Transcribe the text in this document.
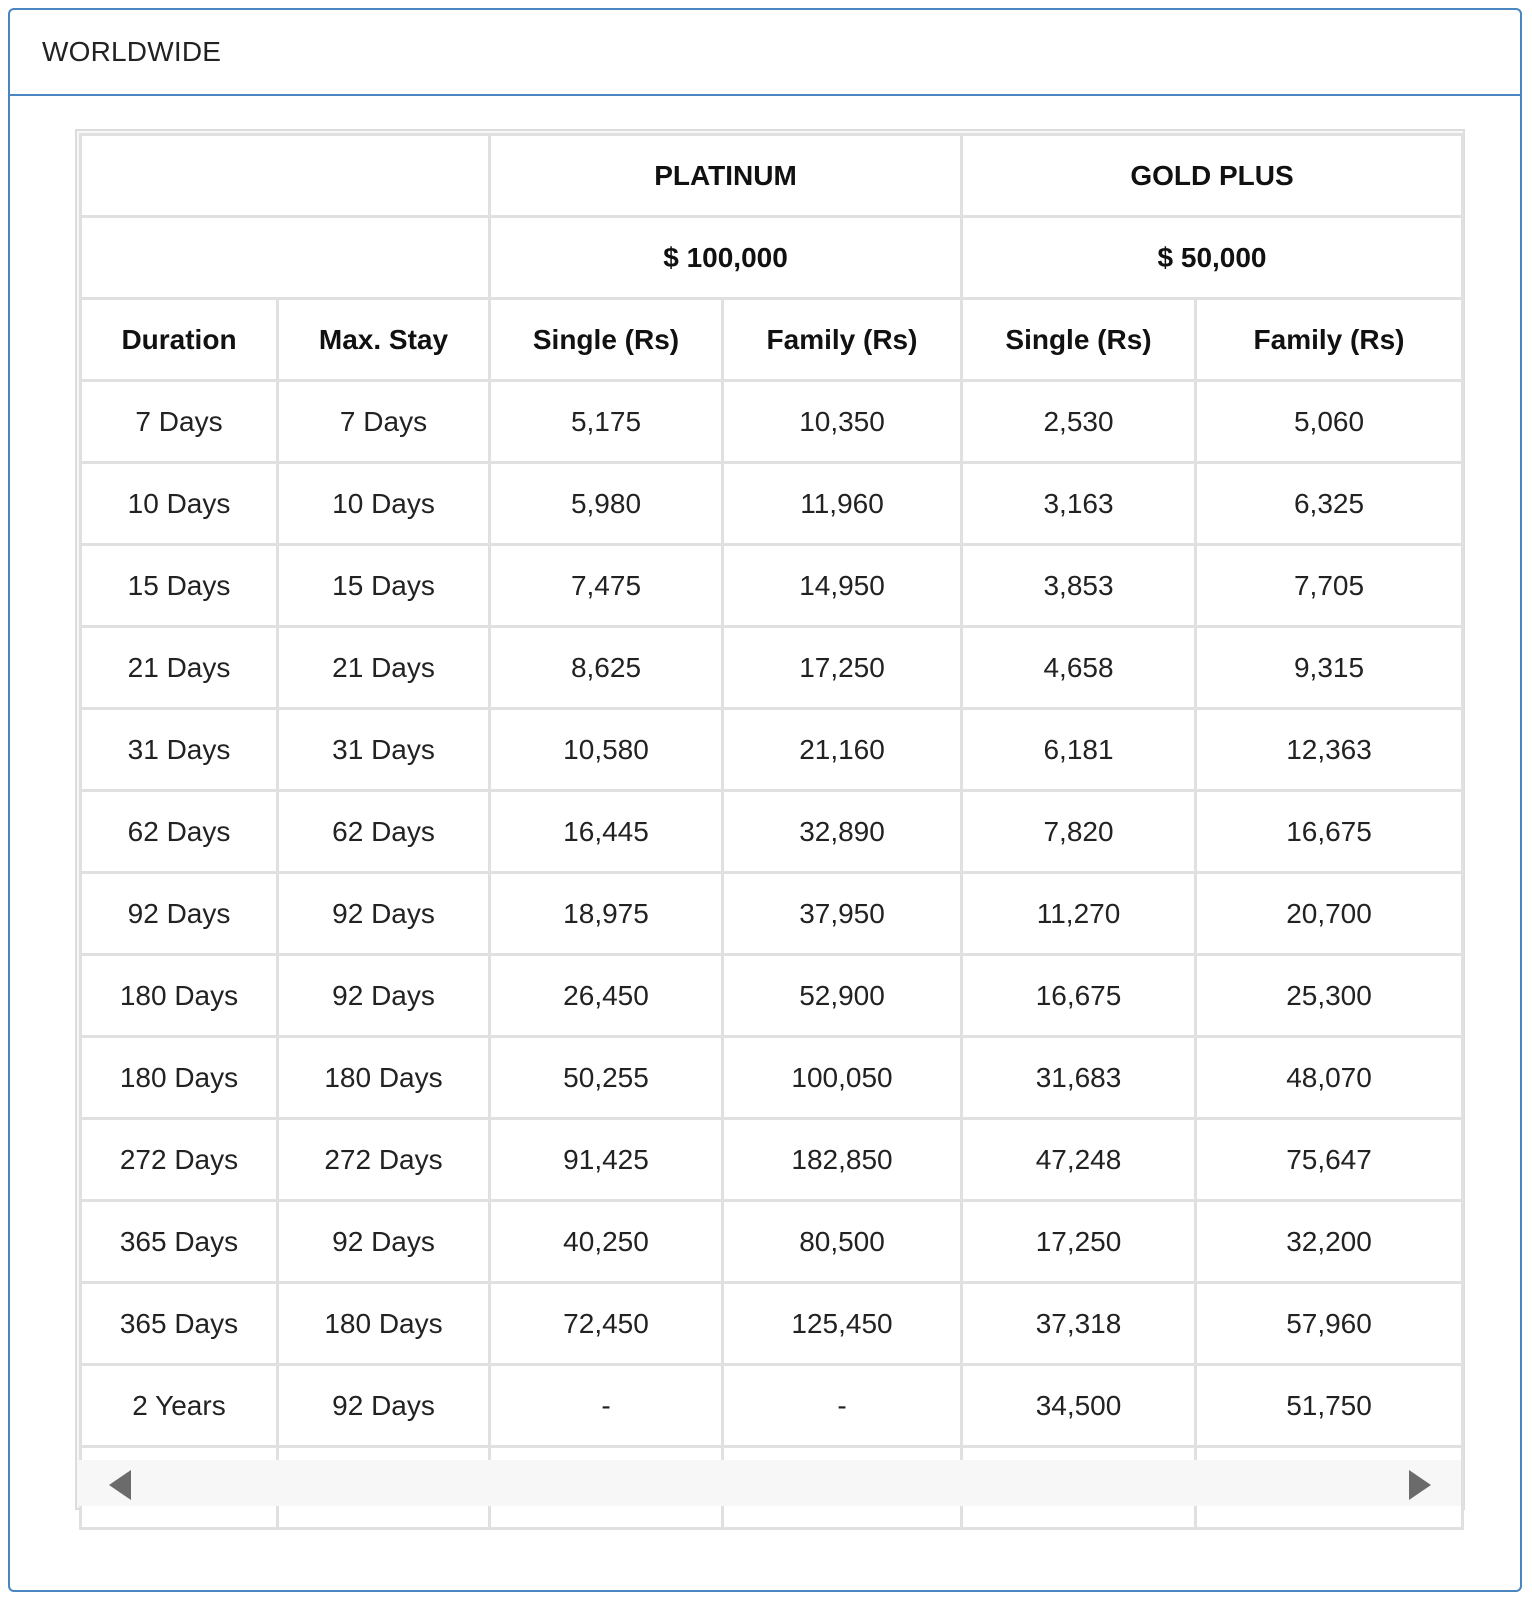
WORLDWIDE
		PLATINUM		GOLD PLUS	
		$ 100,000		$ 50,000	
Duration	Max. Stay	Single (Rs)	Family (Rs)	Single (Rs)	Family (Rs)
7 Days	7 Days	5,175	10,350	2,530	5,060
10 Days	10 Days	5,980	11,960	3,163	6,325
15 Days	15 Days	7,475	14,950	3,853	7,705
21 Days	21 Days	8,625	17,250	4,658	9,315
31 Days	31 Days	10,580	21,160	6,181	12,363
62 Days	62 Days	16,445	32,890	7,820	16,675
92 Days	92 Days	18,975	37,950	11,270	20,700
180 Days	92 Days	26,450	52,900	16,675	25,300
180 Days	180 Days	50,255	100,050	31,683	48,070
272 Days	272 Days	91,425	182,850	47,248	75,647
365 Days	92 Days	40,250	80,500	17,250	32,200
365 Days	180 Days	72,450	125,450	37,318	57,960
2 Years	92 Days	-	-	34,500	51,750
